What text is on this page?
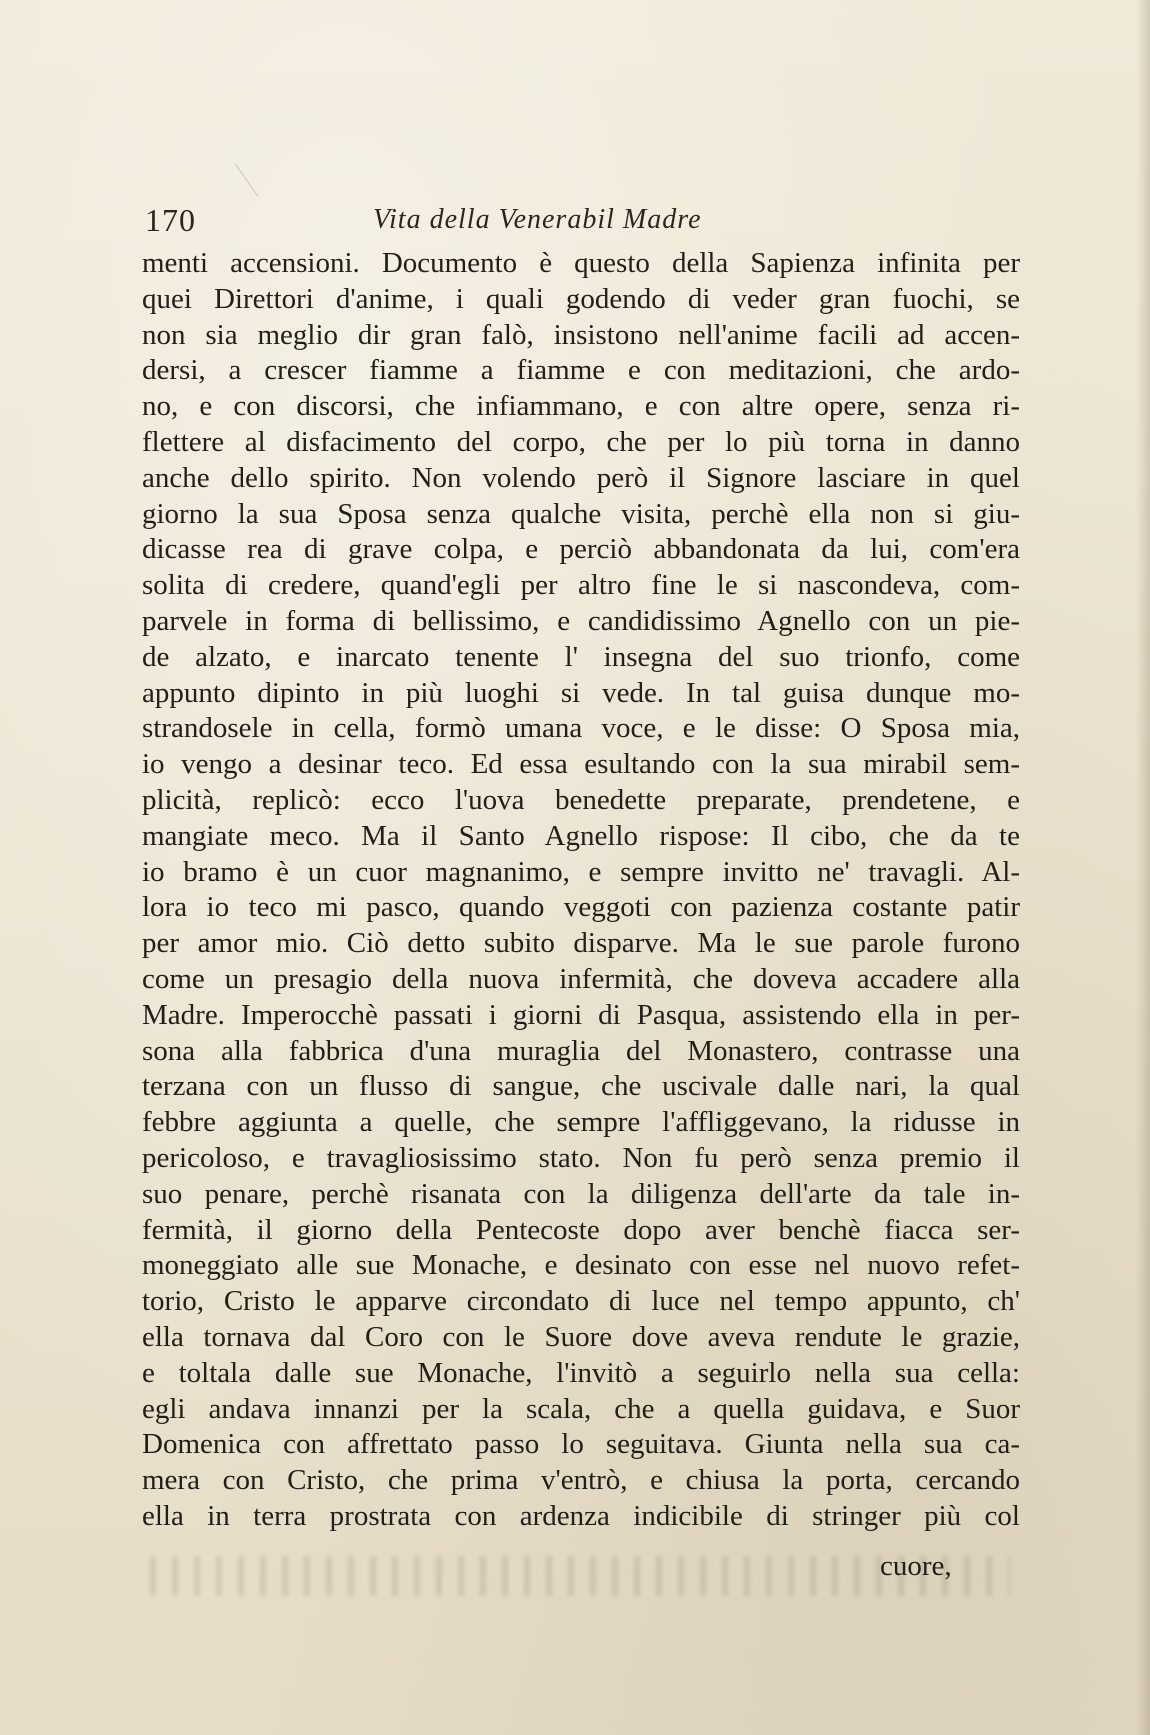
170	Vita della Venerabil Madre
menti accensioni. Documento è questo della Sapienza infinita per
quei Direttori d'anime, i quali godendo di veder gran fuochi, se
non sia meglio dir gran falò, insistono nell'anime facili ad accen-
dersi, a crescer fiamme a fiamme e con meditazioni, che ardo-
no, e con discorsi, che infiammano, e con altre opere, senza ri-
flettere al disfacimento del corpo, che per lo più torna in danno
anche dello spirito. Non volendo però il Signore lasciare in quel
giorno la sua Sposa senza qualche visita, perchè ella non si giu-
dicasse rea di grave colpa, e perciò abbandonata da lui, com'era
solita di credere, quand'egli per altro fine le si nascondeva, com-
parvele in forma di bellissimo, e candidissimo Agnello con un pie-
de alzato, e inarcato tenente l' insegna del suo trionfo, come
appunto dipinto in più luoghi si vede. In tal guisa dunque mo-
strandosele in cella, formò umana voce, e le disse: O Sposa mia,
io vengo a desinar teco. Ed essa esultando con la sua mirabil sem-
plicità, replicò: ecco l'uova benedette preparate, prendetene, e
mangiate meco. Ma il Santo Agnello rispose: Il cibo, che da te
io bramo è un cuor magnanimo, e sempre invitto ne' travagli. Al-
lora io teco mi pasco, quando veggoti con pazienza costante patir
per amor mio. Ciò detto subito disparve. Ma le sue parole furono
come un presagio della nuova infermità, che doveva accadere alla
Madre. Imperocchè passati i giorni di Pasqua, assistendo ella in per-
sona alla fabbrica d'una muraglia del Monastero, contrasse una
terzana con un flusso di sangue, che uscivale dalle nari, la qual
febbre aggiunta a quelle, che sempre l'affliggevano, la ridusse in
pericoloso, e travagliosissimo stato. Non fu però senza premio il
suo penare, perchè risanata con la diligenza dell'arte da tale in-
fermità, il giorno della Pentecoste dopo aver benchè fiacca ser-
moneggiato alle sue Monache, e desinato con esse nel nuovo refet-
torio, Cristo le apparve circondato di luce nel tempo appunto, ch'
ella tornava dal Coro con le Suore dove aveva rendute le grazie,
e toltala dalle sue Monache, l'invitò a seguirlo nella sua cella:
egli andava innanzi per la scala, che a quella guidava, e Suor
Domenica con affrettato passo lo seguitava. Giunta nella sua ca-
mera con Cristo, che prima v'entrò, e chiusa la porta, cercando
ella in terra prostrata con ardenza indicibile di stringer più col
cuore,
